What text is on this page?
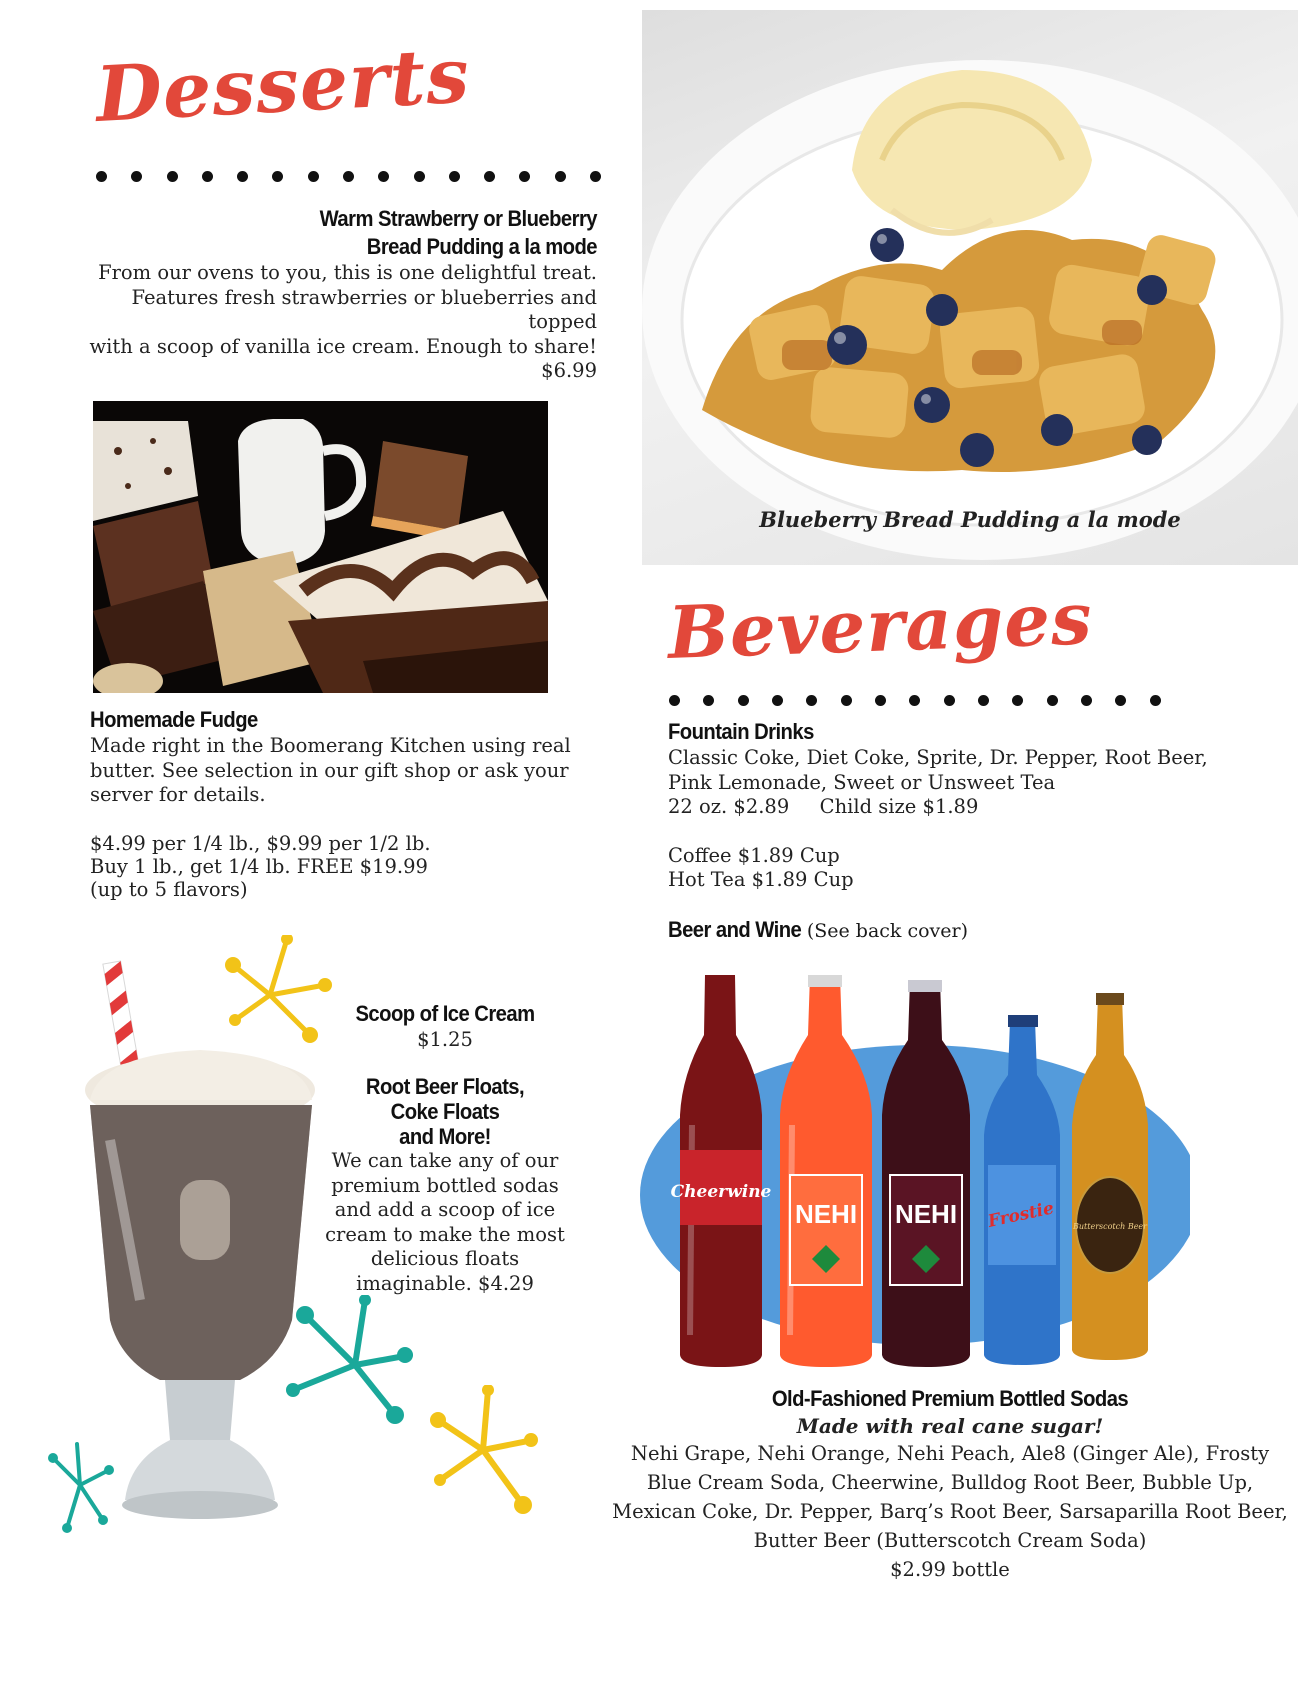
Desserts
Warm Strawberry or Blueberry
Bread Pudding a la mode
From our ovens to you, this is one delightful treat.
Features fresh strawberries or blueberries and topped
with a scoop of vanilla ice cream. Enough to share!
$6.99
Blueberry Bread Pudding a la mode
Homemade Fudge
Made right in the Boomerang Kitchen using real
butter. See selection in our gift shop or ask your
server for details.
$4.99 per 1/4 lb., $9.99 per 1/2 lb.
Buy 1 lb., get 1/4 lb. FREE $19.99
(up to 5 flavors)
Scoop of Ice Cream
$1.25
Root Beer Floats,
Coke Floats
and More!
We can take any of our
premium bottled sodas
and add a scoop of ice
cream to make the most
delicious floats
imaginable. $4.29
Beverages
Fountain Drinks
Classic Coke, Diet Coke, Sprite, Dr. Pepper, Root Beer,
Pink Lemonade, Sweet or Unsweet Tea
22 oz. $2.89 Child size $1.89
Coffee $1.89 Cup
Hot Tea $1.89 Cup
Beer and Wine (See back cover)
Cheerwine
NEHI NEHI Frostie Butterscotch Beer
Old-Fashioned Premium Bottled Sodas
Made with real cane sugar!
Nehi Grape, Nehi Orange, Nehi Peach, Ale8 (Ginger Ale), Frosty
Blue Cream Soda, Cheerwine, Bulldog Root Beer, Bubble Up,
Mexican Coke, Dr. Pepper, Barq’s Root Beer, Sarsaparilla Root Beer,
Butter Beer (Butterscotch Cream Soda)
$2.99 bottle
